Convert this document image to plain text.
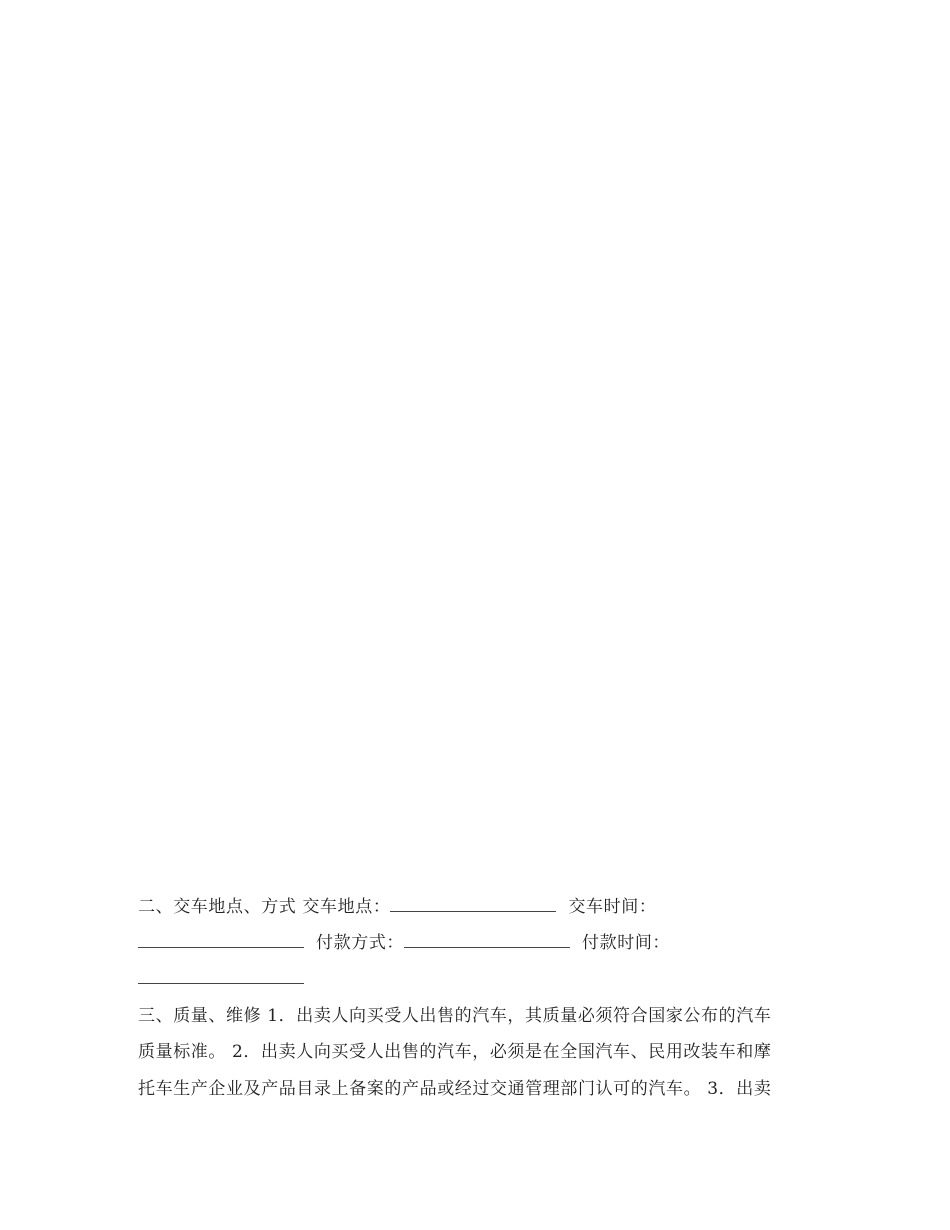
二、交车地点、方式 交车地点：	交车时间：
付款方式：	付款时间：
三、质量、维修 1．出卖人向买受人出售的汽车，其质量必须符合国家公布的汽车
质量标准。 2．出卖人向买受人出售的汽车，必须是在全国汽车、民用改装车和摩
托车生产企业及产品目录上备案的产品或经过交通管理部门认可的汽车。 3．出卖
